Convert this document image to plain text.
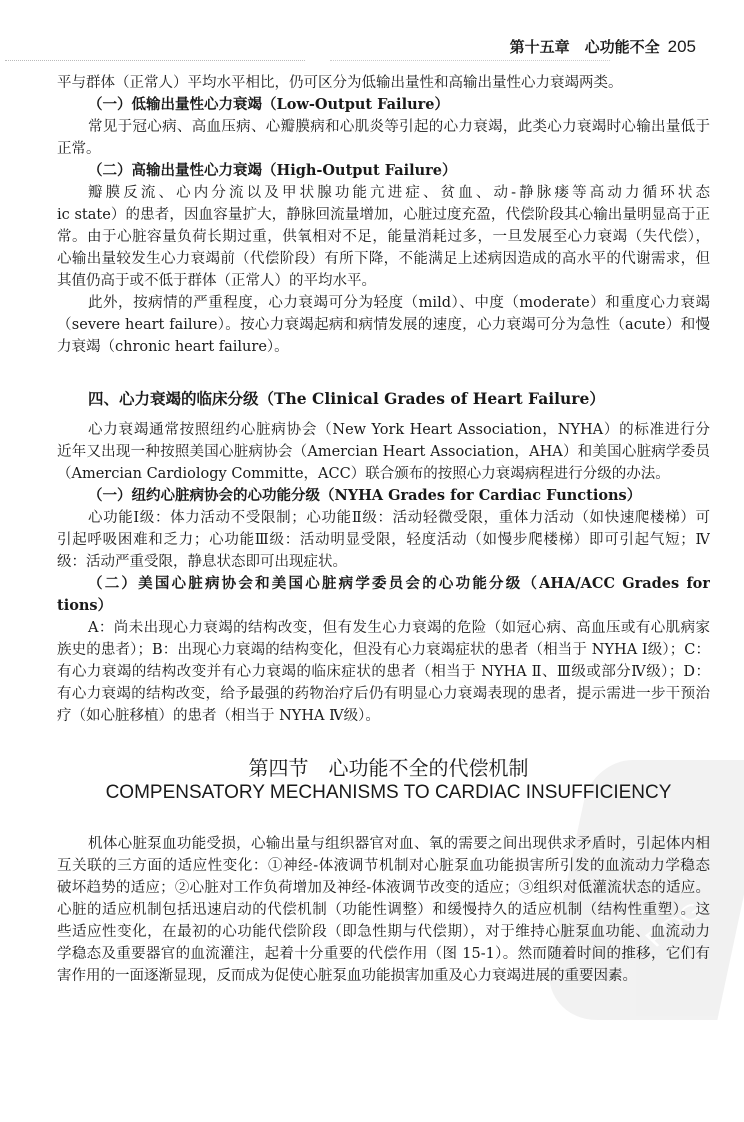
第十五章　心功能不全 205
PDG
平与群体（正常人）平均水平相比，仍可区分为低输出量性和高输出量性心力衰竭两类。
（一）低输出量性心力衰竭（Low-Output Failure）
常见于冠心病、高血压病、心瓣膜病和心肌炎等引起的心力衰竭，此类心力衰竭时心输出量低于
正常。
（二）高输出量性心力衰竭（High-Output Failure）
瓣膜反流、心内分流以及甲状腺功能亢进症、贫血、动-静脉瘘等高动力循环状态
ic state）的患者，因血容量扩大，静脉回流量增加，心脏过度充盈，代偿阶段其心输出量明显高于正
常。由于心脏容量负荷长期过重，供氧相对不足，能量消耗过多，一旦发展至心力衰竭（失代偿），
心输出量较发生心力衰竭前（代偿阶段）有所下降，不能满足上述病因造成的高水平的代谢需求，但
其值仍高于或不低于群体（正常人）的平均水平。
此外，按病情的严重程度，心力衰竭可分为轻度（mild）、中度（moderate）和重度心力衰竭
（severe heart failure）。按心力衰竭起病和病情发展的速度，心力衰竭可分为急性（acute）和慢
力衰竭（chronic heart failure）。
四、心力衰竭的临床分级（The Clinical Grades of Heart Failure）
心力衰竭通常按照纽约心脏病协会（New York Heart Association，NYHA）的标准进行分
近年又出现一种按照美国心脏病协会（Amercian Heart Association，AHA）和美国心脏病学委员
（Amercian Cardiology Committe，ACC）联合颁布的按照心力衰竭病程进行分级的办法。
（一）纽约心脏病协会的心功能分级（NYHA Grades for Cardiac Functions）
心功能Ⅰ级：体力活动不受限制；心功能Ⅱ级：活动轻微受限，重体力活动（如快速爬楼梯）可
引起呼吸困难和乏力；心功能Ⅲ级：活动明显受限，轻度活动（如慢步爬楼梯）即可引起气短；Ⅳ
级：活动严重受限，静息状态即可出现症状。
（二）美国心脏病协会和美国心脏病学委员会的心功能分级（AHA/ACC Grades for
tions）
A：尚未出现心力衰竭的结构改变，但有发生心力衰竭的危险（如冠心病、高血压或有心肌病家
族史的患者）；B：出现心力衰竭的结构变化，但没有心力衰竭症状的患者（相当于 NYHA Ⅰ级）；C：
有心力衰竭的结构改变并有心力衰竭的临床症状的患者（相当于 NYHA Ⅱ、Ⅲ级或部分Ⅳ级）；D：
有心力衰竭的结构改变，给予最强的药物治疗后仍有明显心力衰竭表现的患者，提示需进一步干预治
疗（如心脏移植）的患者（相当于 NYHA Ⅳ级）。
第四节　心功能不全的代偿机制
COMPENSATORY MECHANISMS TO CARDIAC INSUFFICIENCY
机体心脏泵血功能受损，心输出量与组织器官对血、氧的需要之间出现供求矛盾时，引起体内相
互关联的三方面的适应性变化：①神经-体液调节机制对心脏泵血功能损害所引发的血流动力学稳态
破坏趋势的适应；②心脏对工作负荷增加及神经-体液调节改变的适应；③组织对低灌流状态的适应。
心脏的适应机制包括迅速启动的代偿机制（功能性调整）和缓慢持久的适应机制（结构性重塑）。这
些适应性变化，在最初的心功能代偿阶段（即急性期与代偿期），对于维持心脏泵血功能、血流动力
学稳态及重要器官的血流灌注，起着十分重要的代偿作用（图 15-1）。然而随着时间的推移，它们有
害作用的一面逐渐显现，反而成为促使心脏泵血功能损害加重及心力衰竭进展的重要因素。
